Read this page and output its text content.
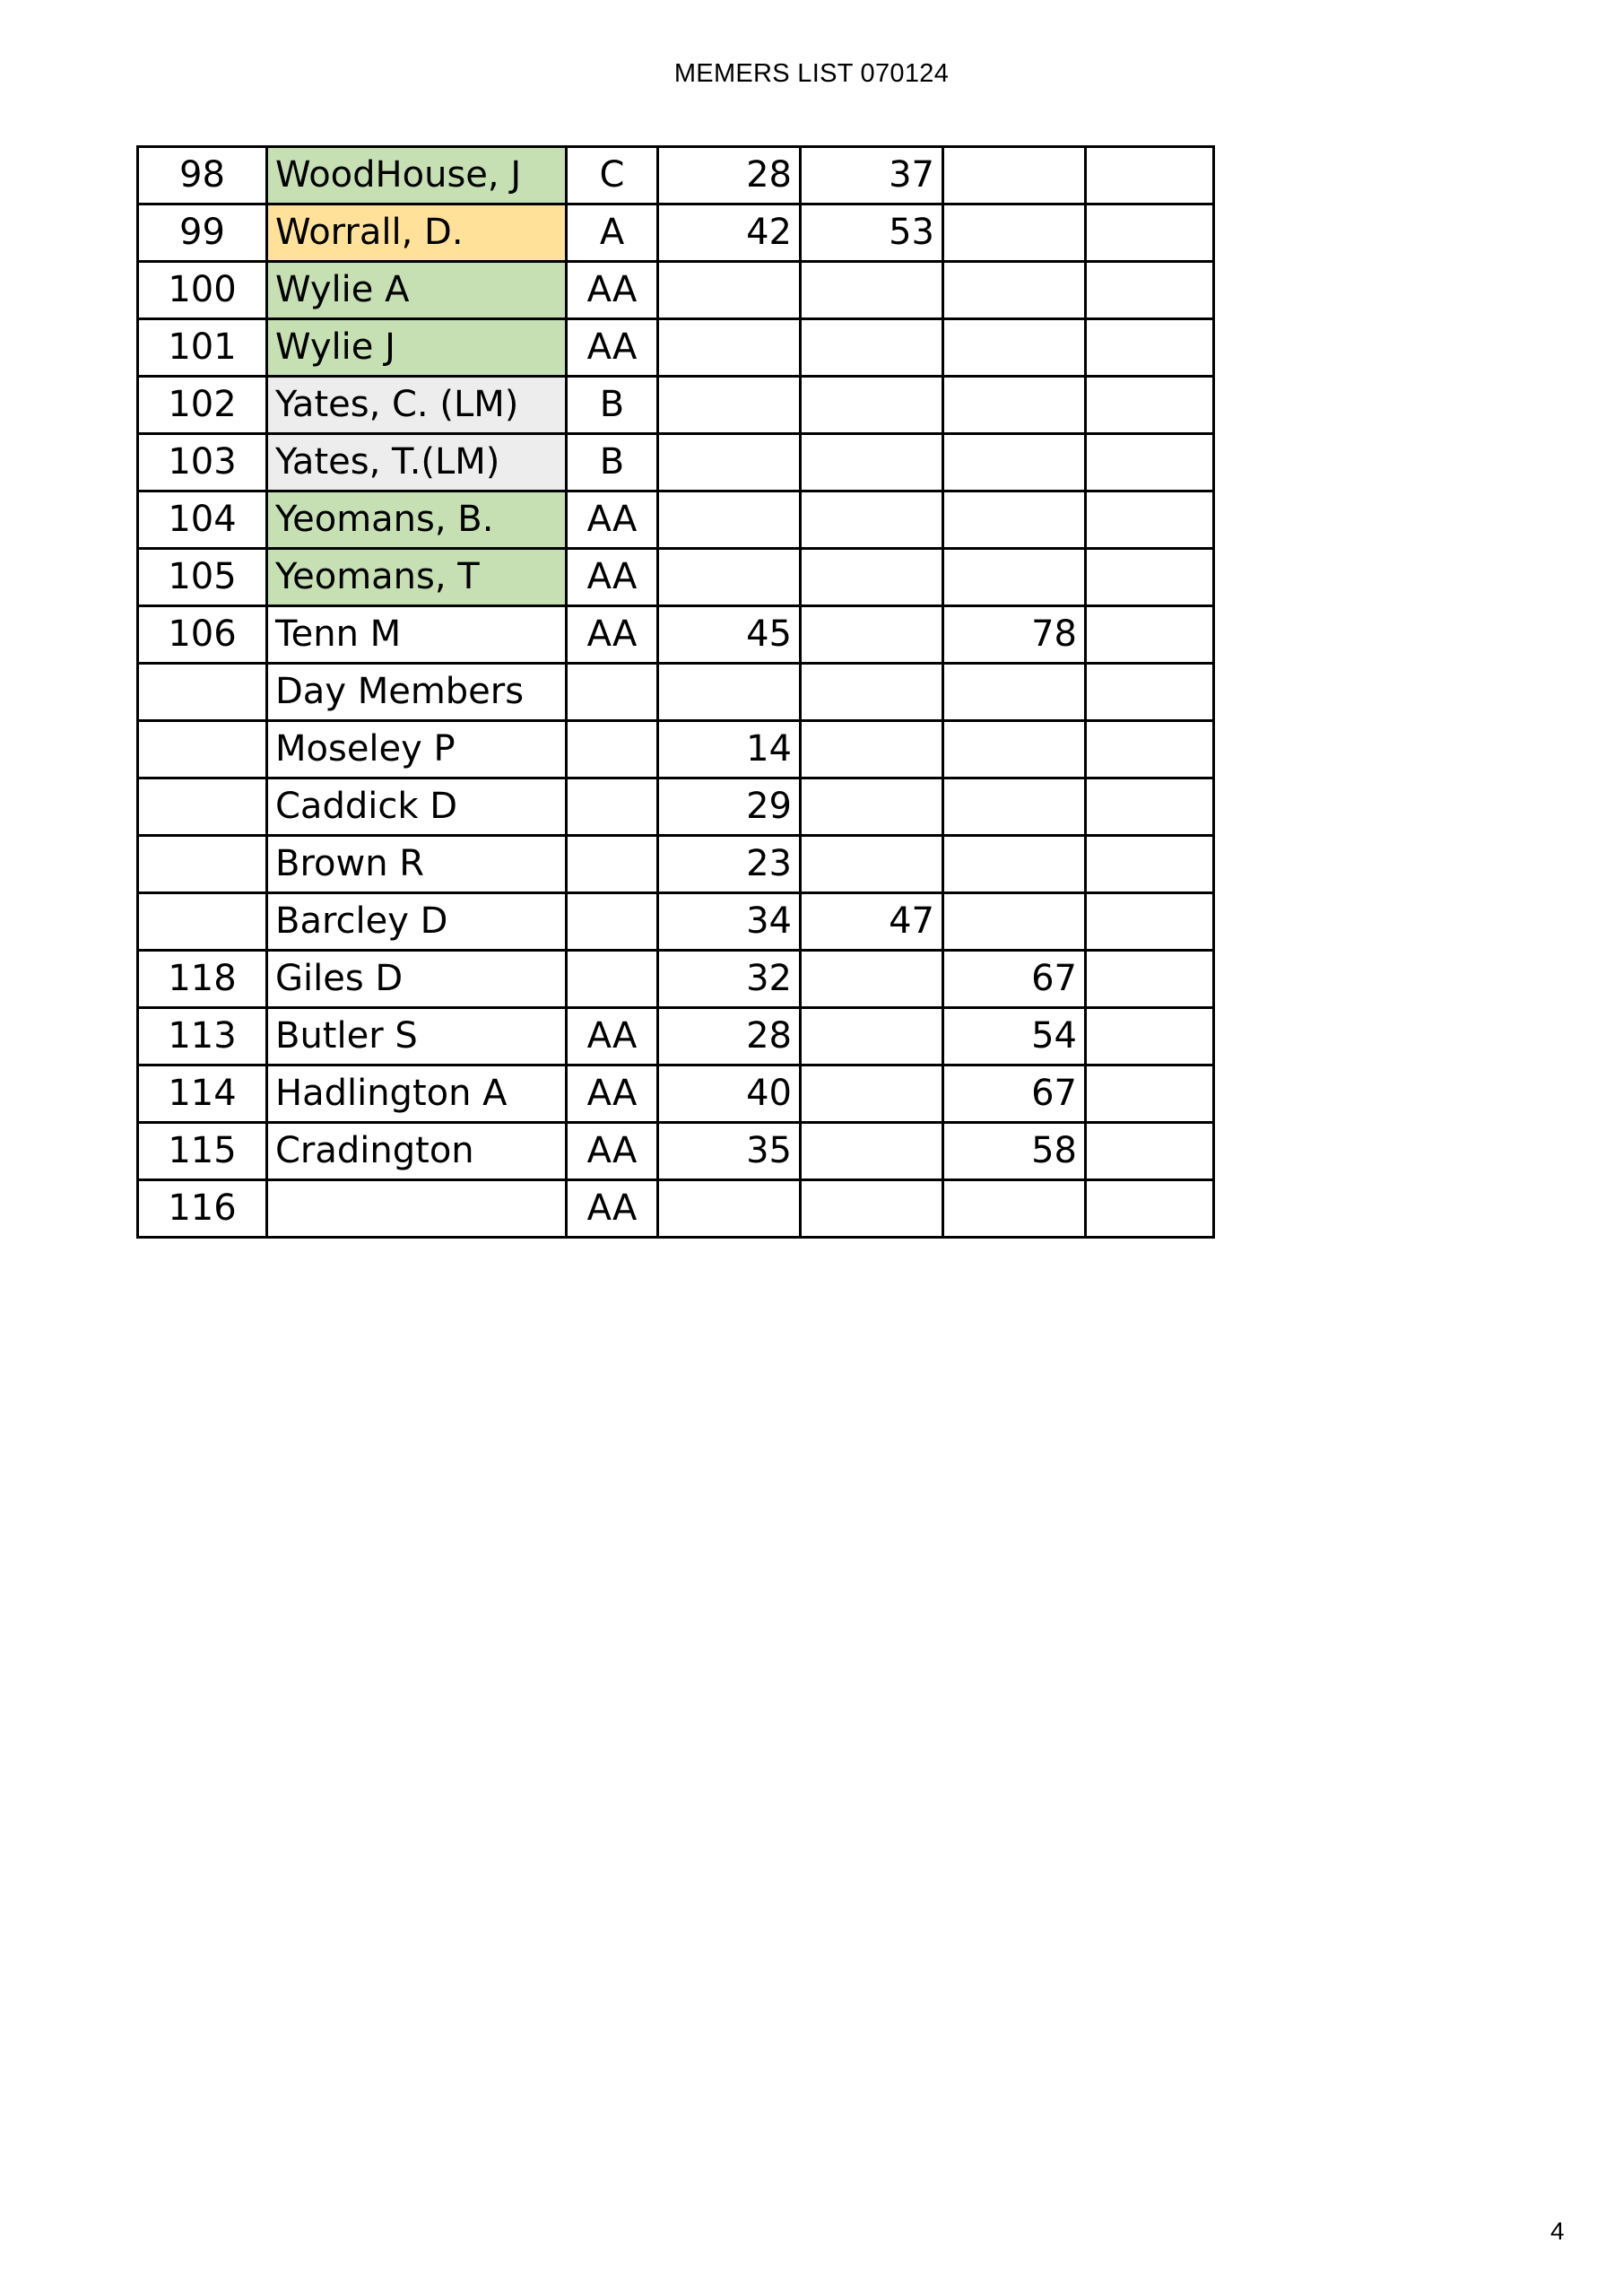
MEMERS LIST 070124
98	WoodHouse, J	C	28	37		
99	Worrall, D.	A	42	53		
100	Wylie A	AA				
101	Wylie J	AA				
102	Yates, C. (LM)	B				
103	Yates, T.(LM)	B				
104	Yeomans, B.	AA				
105	Yeomans, T	AA				
106	Tenn M	AA	45		78	
	Day Members					
	Moseley P		14			
	Caddick D		29			
	Brown R		23			
	Barcley D		34	47		
118	Giles D		32		67	
113	Butler S	AA	28		54	
114	Hadlington A	AA	40		67	
115	Cradington	AA	35		58	
116		AA				
4
